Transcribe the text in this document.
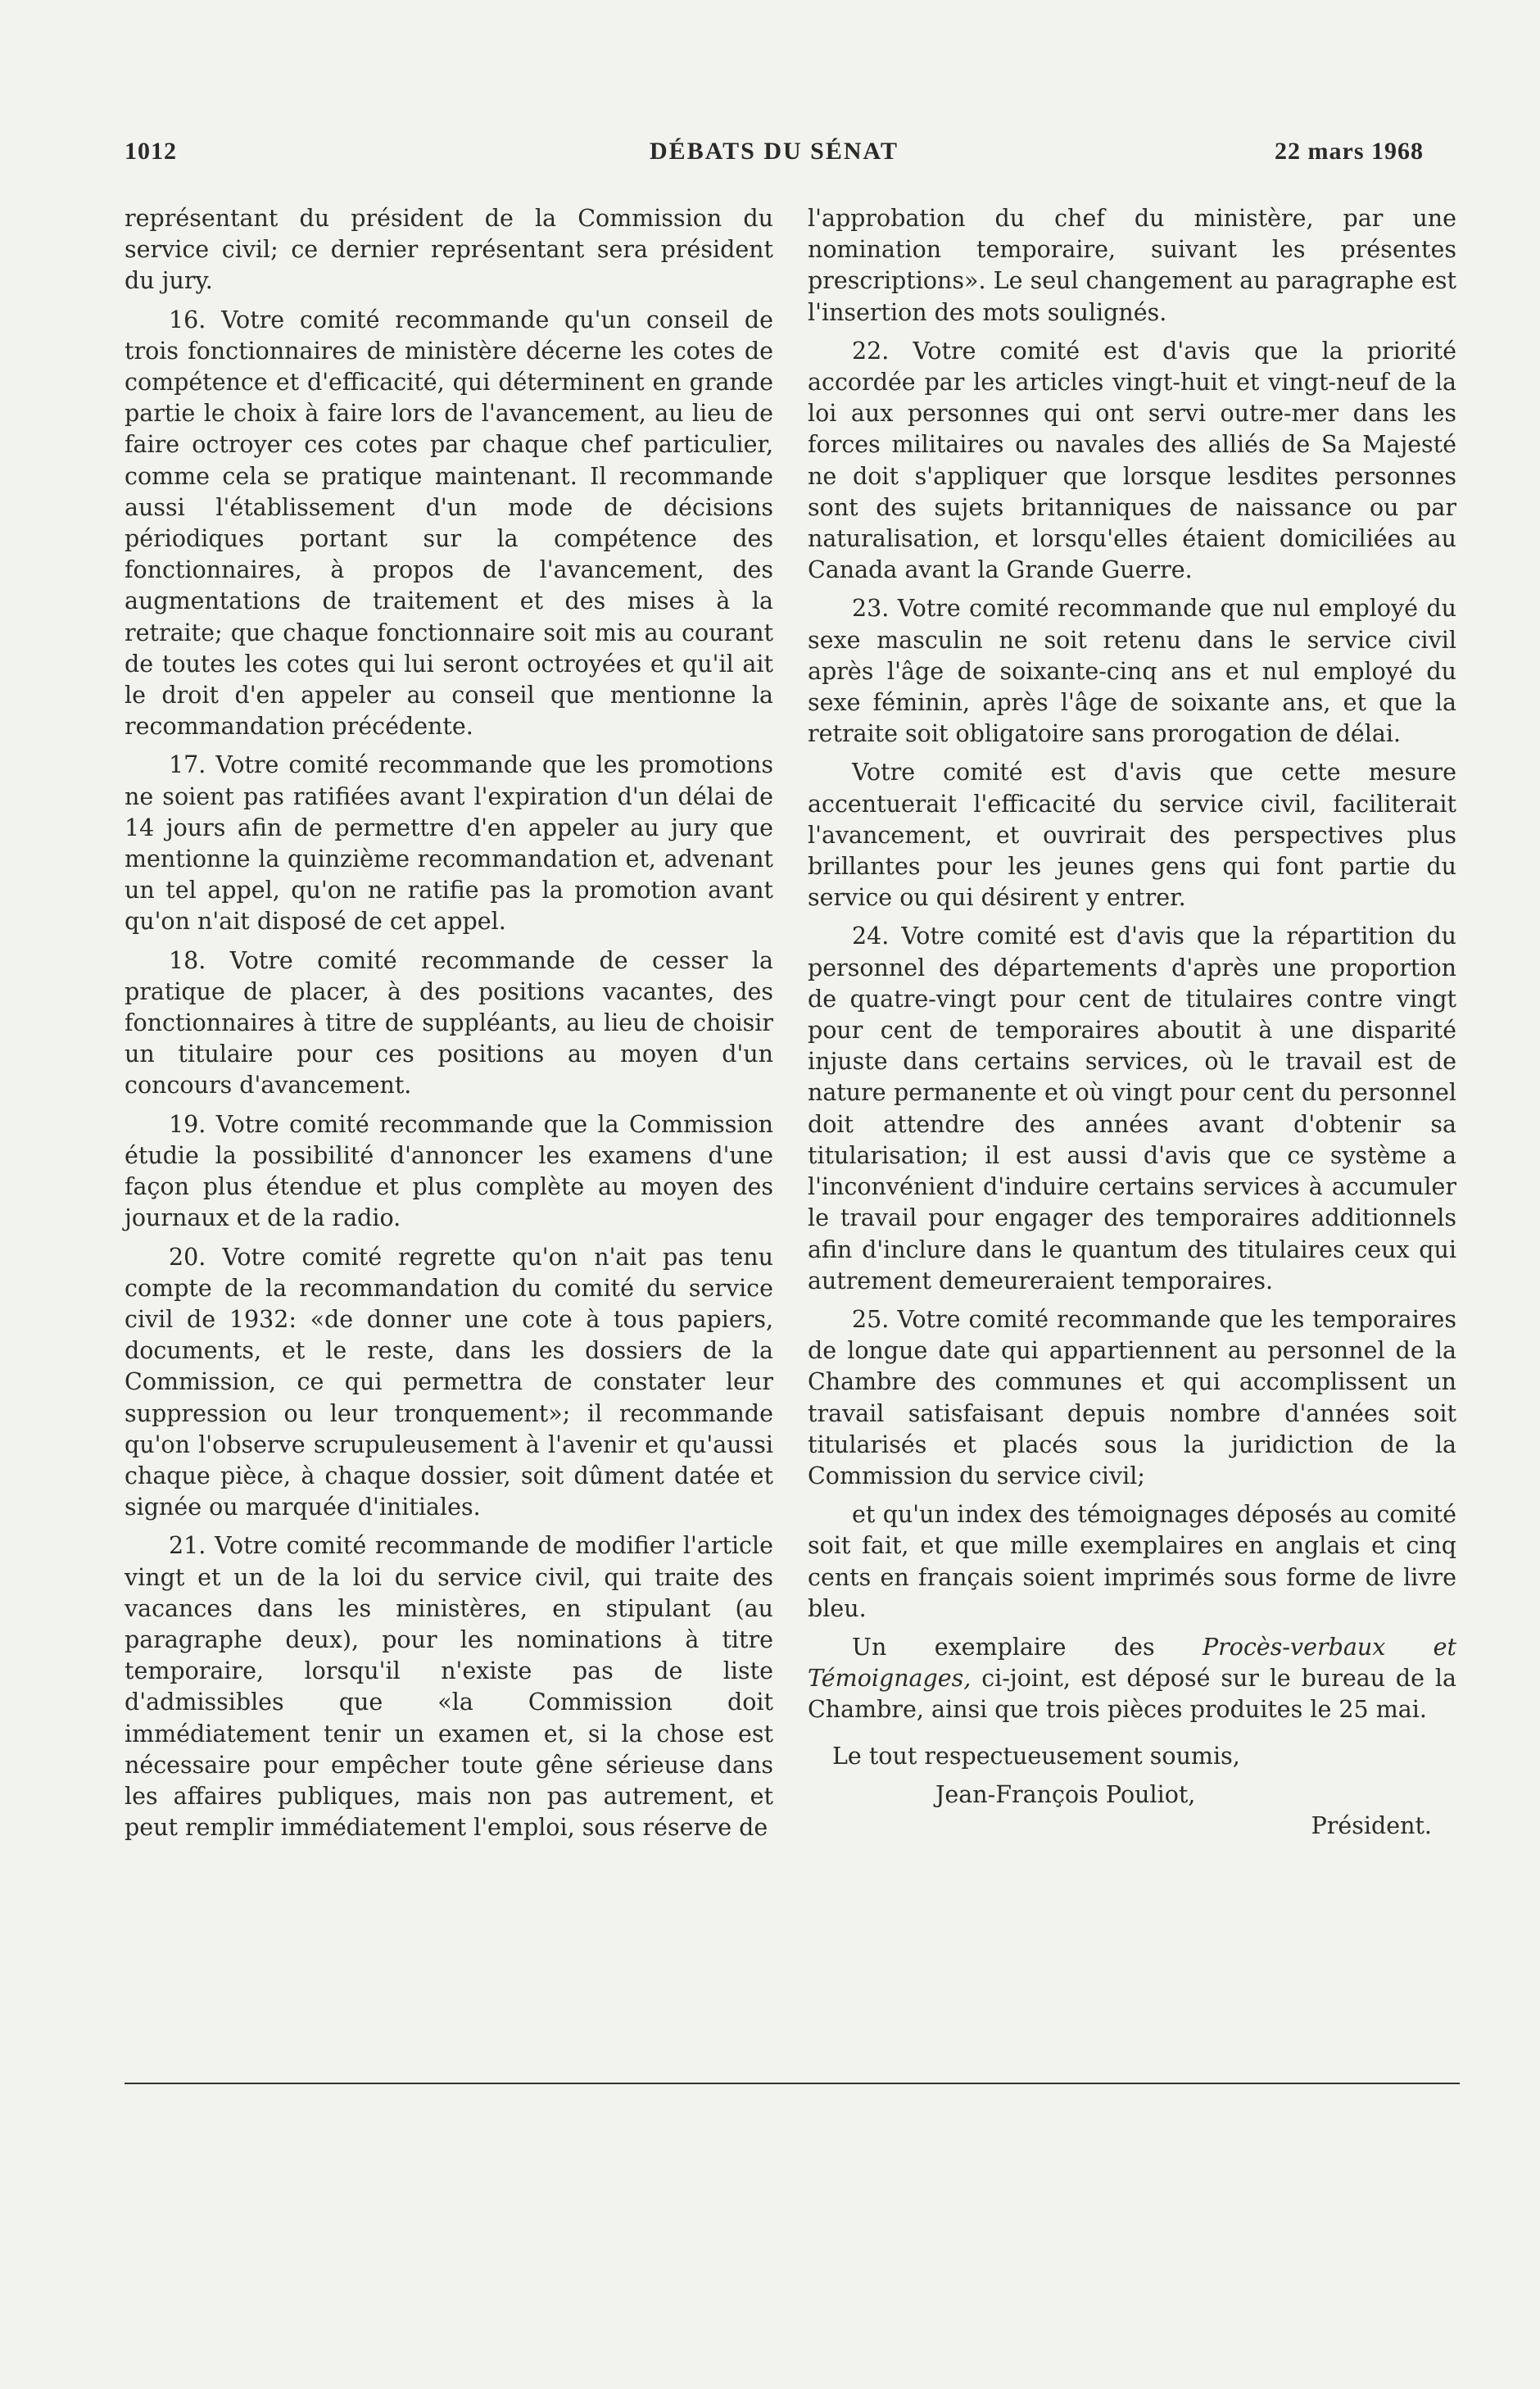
1012	DÉBATS DU SÉNAT	22 mars 1968

représentant du président de la Commission du service civil; ce dernier représentant sera président du jury.

16. Votre comité recommande qu'un conseil de trois fonctionnaires de ministère décerne les cotes de compétence et d'efficacité, qui déterminent en grande partie le choix à faire lors de l'avancement, au lieu de faire octroyer ces cotes par chaque chef particulier, comme cela se pratique maintenant. Il recommande aussi l'établissement d'un mode de décisions périodiques portant sur la compétence des fonctionnaires, à propos de l'avancement, des augmentations de traitement et des mises à la retraite; que chaque fonctionnaire soit mis au courant de toutes les cotes qui lui seront octroyées et qu'il ait le droit d'en appeler au conseil que mentionne la recommandation précédente.

17. Votre comité recommande que les promotions ne soient pas ratifiées avant l'expiration d'un délai de 14 jours afin de permettre d'en appeler au jury que mentionne la quinzième recommandation et, advenant un tel appel, qu'on ne ratifie pas la promotion avant qu'on n'ait disposé de cet appel.

18. Votre comité recommande de cesser la pratique de placer, à des positions vacantes, des fonctionnaires à titre de suppléants, au lieu de choisir un titulaire pour ces positions au moyen d'un concours d'avancement.

19. Votre comité recommande que la Commission étudie la possibilité d'annoncer les examens d'une façon plus étendue et plus complète au moyen des journaux et de la radio.

20. Votre comité regrette qu'on n'ait pas tenu compte de la recommandation du comité du service civil de 1932: «de donner une cote à tous papiers, documents, et le reste, dans les dossiers de la Commission, ce qui permettra de constater leur suppression ou leur tronquement»; il recommande qu'on l'observe scrupuleusement à l'avenir et qu'aussi chaque pièce, à chaque dossier, soit dûment datée et signée ou marquée d'initiales.

21. Votre comité recommande de modifier l'article vingt et un de la loi du service civil, qui traite des vacances dans les ministères, en stipulant (au paragraphe deux), pour les nominations à titre temporaire, lorsqu'il n'existe pas de liste d'admissibles que «la Commission doit immédiatement tenir un examen et, si la chose est nécessaire pour empêcher toute gêne sérieuse dans les affaires publiques, mais non pas autrement, et peut remplir immédiatement l'emploi, sous réserve de

l'approbation du chef du ministère, par une nomination temporaire, suivant les présentes prescriptions». Le seul changement au paragraphe est l'insertion des mots soulignés.

22. Votre comité est d'avis que la priorité accordée par les articles vingt-huit et vingt-neuf de la loi aux personnes qui ont servi outre-mer dans les forces militaires ou navales des alliés de Sa Majesté ne doit s'appliquer que lorsque lesdites personnes sont des sujets britanniques de naissance ou par naturalisation, et lorsqu'elles étaient domiciliées au Canada avant la Grande Guerre.

23. Votre comité recommande que nul employé du sexe masculin ne soit retenu dans le service civil après l'âge de soixante-cinq ans et nul employé du sexe féminin, après l'âge de soixante ans, et que la retraite soit obligatoire sans prorogation de délai.

Votre comité est d'avis que cette mesure accentuerait l'efficacité du service civil, faciliterait l'avancement, et ouvrirait des perspectives plus brillantes pour les jeunes gens qui font partie du service ou qui désirent y entrer.

24. Votre comité est d'avis que la répartition du personnel des départements d'après une proportion de quatre-vingt pour cent de titulaires contre vingt pour cent de temporaires aboutit à une disparité injuste dans certains services, où le travail est de nature permanente et où vingt pour cent du personnel doit attendre des années avant d'obtenir sa titularisation; il est aussi d'avis que ce système a l'inconvénient d'induire certains services à accumuler le travail pour engager des temporaires additionnels afin d'inclure dans le quantum des titulaires ceux qui autrement demeureraient temporaires.

25. Votre comité recommande que les temporaires de longue date qui appartiennent au personnel de la Chambre des communes et qui accomplissent un travail satisfaisant depuis nombre d'années soit titularisés et placés sous la juridiction de la Commission du service civil;

et qu'un index des témoignages déposés au comité soit fait, et que mille exemplaires en anglais et cinq cents en français soient imprimés sous forme de livre bleu.

Un exemplaire des Procès-verbaux et Témoignages, ci-joint, est déposé sur le bureau de la Chambre, ainsi que trois pièces produites le 25 mai.

Le tout respectueusement soumis,

Jean-François Pouliot,

Président.
